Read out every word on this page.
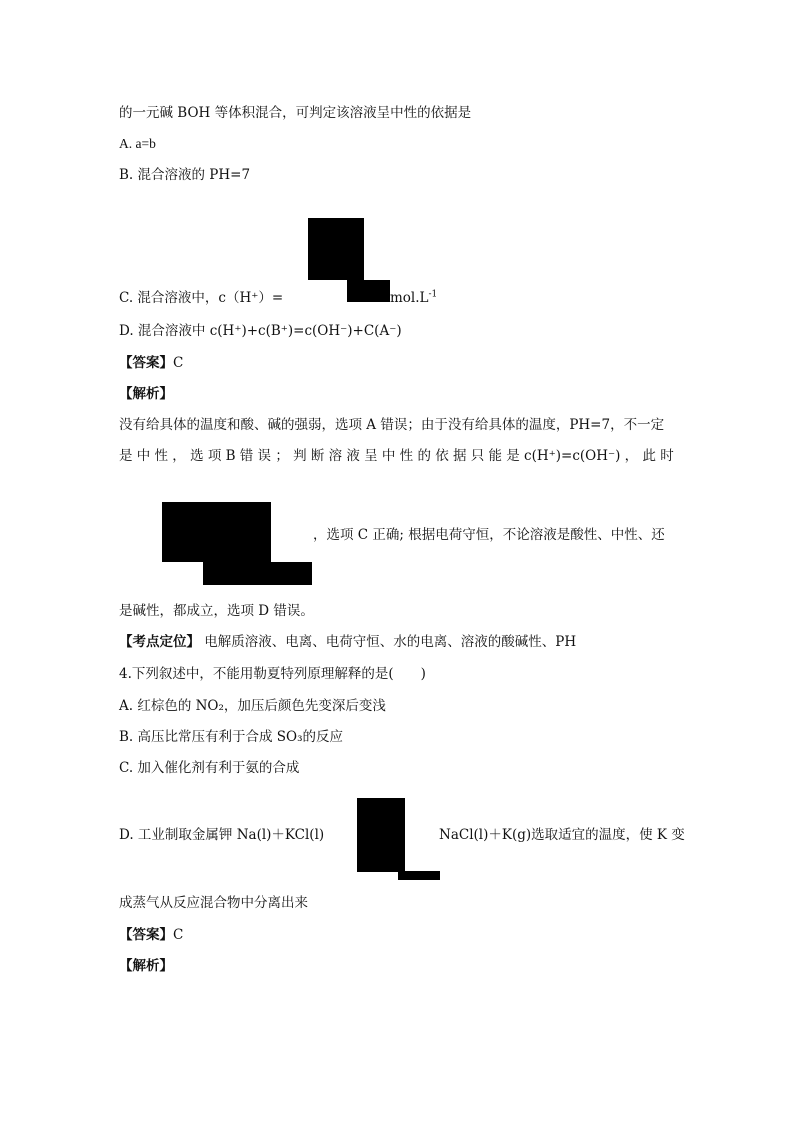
的一元碱 BOH 等体积混合，可判定该溶液呈中性的依据是
A. a=b
B. 混合溶液的 PH=7
C. 混合溶液中，c（H⁺）=	$mol.L^{-1}$
D. 混合溶液中 c(H⁺)+c(B⁺)=c(OH⁻)+C(A⁻)
【答案】C
【解析】
没有给具体的温度和酸、碱的强弱，选项 A 错误；由于没有给具体的温度，PH=7，不一定
是 中 性 ， 选 项 B 错 误 ； 判 断 溶 液 呈 中 性 的 依 据 只 能 是 c(H⁺)=c(OH⁻) ， 此 时
，选项 C 正确; 根据电荷守恒，不论溶液是酸性、中性、还
是碱性，都成立，选项 D 错误。
【考点定位】 电解质溶液、电离、电荷守恒、水的电离、溶液的酸碱性、PH
4.下列叙述中，不能用勒夏特列原理解释的是(　　)
A. 红棕色的 NO₂，加压后颜色先变深后变浅
B. 高压比常压有利于合成 SO₃的反应
C. 加入催化剂有利于氨的合成
D. 工业制取金属钾 Na(l)＋KCl(l)	NaCl(l)＋K(g)选取适宜的温度，使 K 变
成蒸气从反应混合物中分离出来
【答案】C
【解析】
